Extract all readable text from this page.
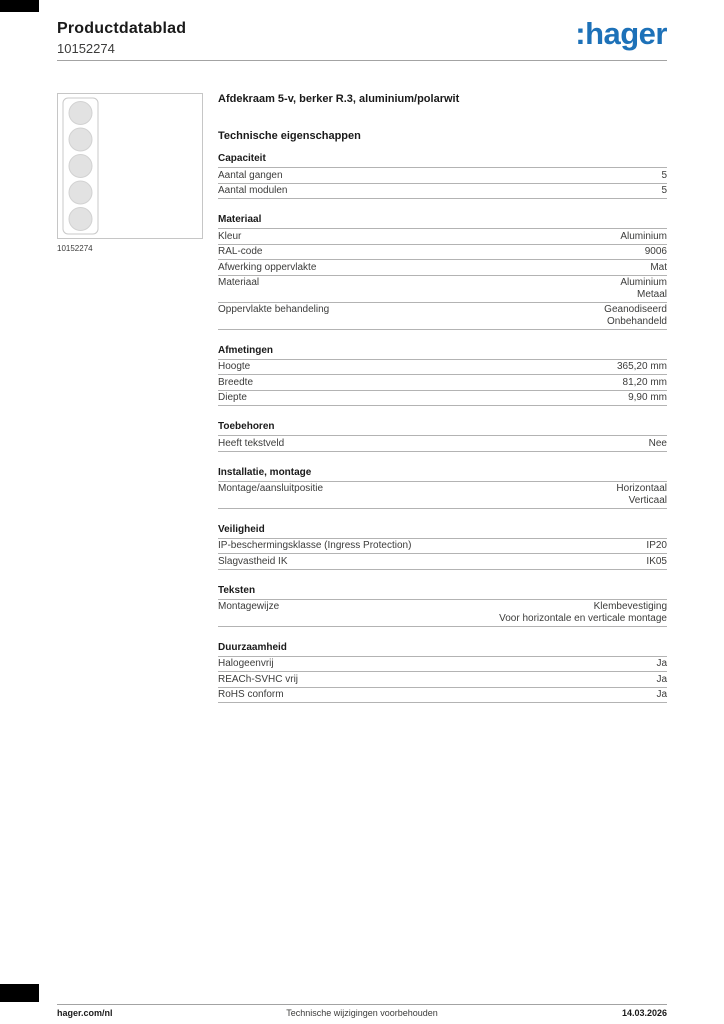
Productdatablad
10152274	:hager
10152274
Afdekraam 5-v, berker R.3, aluminium/polarwit
Technische eigenschappen
Capaciteit
Aantal gangen	5
Aantal modulen	5
Materiaal
Kleur	Aluminium
RAL-code	9006
Afwerking oppervlakte	Mat
Materiaal	Aluminium
Metaal
Oppervlakte behandeling	Geanodiseerd
Onbehandeld
Afmetingen
Hoogte	365,20 mm
Breedte	81,20 mm
Diepte	9,90 mm
Toebehoren
Heeft tekstveld	Nee
Installatie, montage
Montage/aansluitpositie	Horizontaal
Verticaal
Veiligheid
IP-beschermingsklasse (Ingress Protection)	IP20
Slagvastheid IK	IK05
Teksten
Montagewijze	Klembevestiging
Voor horizontale en verticale montage
Duurzaamheid
Halogeenvrij	Ja
REACh-SVHC vrij	Ja
RoHS conform	Ja
hager.com/nl	Technische wijzigingen voorbehouden	14.03.2026
